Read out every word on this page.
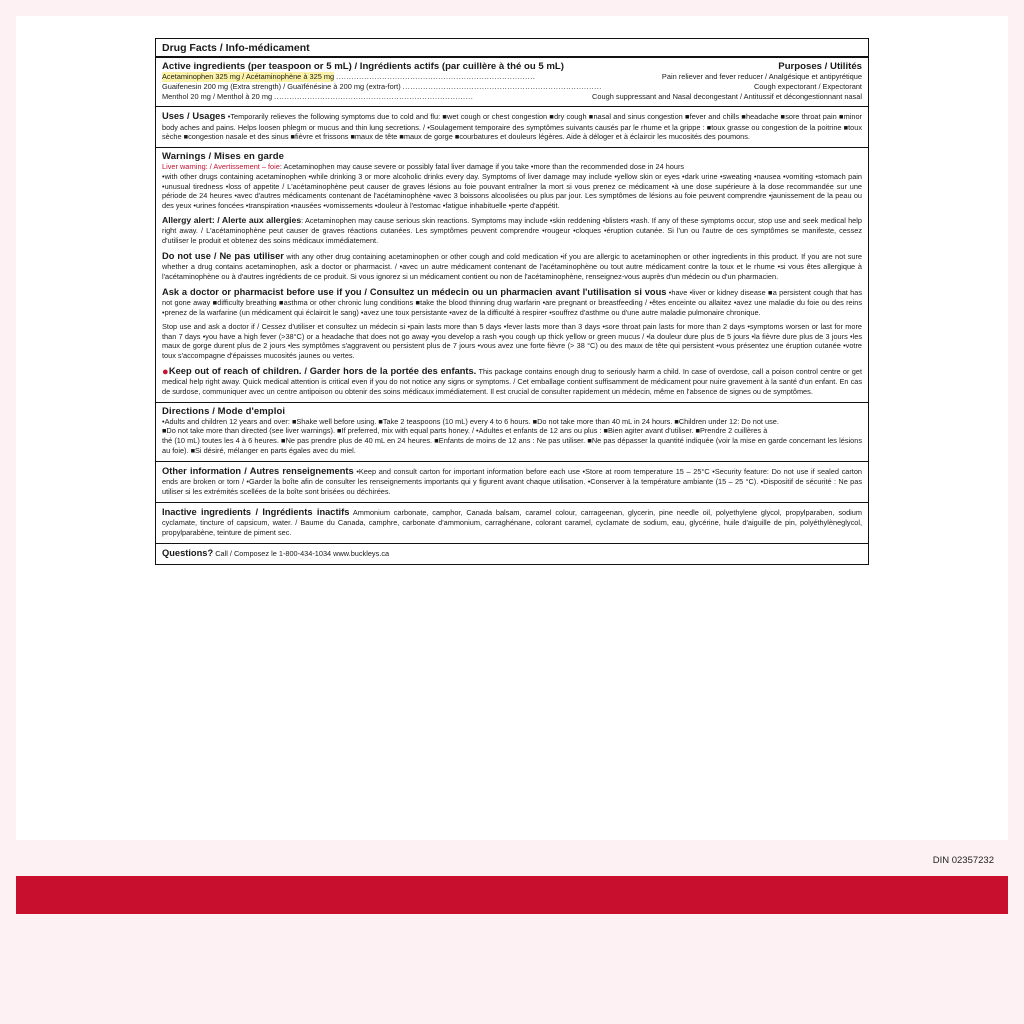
Drug Facts / Info-médicament
Active ingredients (per teaspoon or 5 mL) / Ingrédients actifs (par cuillère à thé ou 5 mL)	Purposes / Utilités
Acetaminophen 325 mg / Acétaminophène à 325 mg ..............................................................................	Pain reliever and fever reducer / Analgésique et antipyrétique
Guaifenesin 200 mg (Extra strength) / Guaïfénésine à 200 mg (extra-fort) ..............................................................................	Cough expectorant / Expectorant
Menthol 20 mg / Menthol à 20 mg ..............................................................................	Cough suppressant and Nasal decongestant / Antitussif et décongestionnant nasal
Uses / Usages •Temporarily relieves the following symptoms due to cold and flu: ■wet cough or chest congestion ■dry cough ■nasal and sinus congestion ■fever and chills ■headache ■sore throat pain ■minor body aches and pains. Helps loosen phlegm or mucus and thin lung secretions. / •Soulagement temporaire des symptômes suivants causés par le rhume et la grippe : ■toux grasse ou congestion de la poitrine ■toux sèche ■congestion nasale et des sinus ■fièvre et frissons ■maux de tête ■maux de gorge ■courbatures et douleurs légères. Aide à déloger et à éclaircir les mucosités des poumons.
Warnings / Mises en garde
Liver warning: / Avertissement – foie: Acetaminophen may cause severe or possibly fatal liver damage if you take •more than the recommended dose in 24 hours
•with other drugs containing acetaminophen •while drinking 3 or more alcoholic drinks every day. Symptoms of liver damage may include •yellow skin or eyes •dark urine •sweating •nausea •vomiting •stomach pain •unusual tiredness •loss of appetite / L'acétaminophène peut causer de graves lésions au foie pouvant entraîner la mort si vous prenez ce médicament •à une dose supérieure à la dose recommandée sur une période de 24 heures •avec d'autres médicaments contenant de l'acétaminophène •avec 3 boissons alcoolisées ou plus par jour. Les symptômes de lésions au foie peuvent comprendre •jaunissement de la peau ou des yeux •urines foncées •transpiration •nausées •vomissements •douleur à l'estomac •fatigue inhabituelle •perte d'appétit.
Allergy alert: / Alerte aux allergies: Acetaminophen may cause serious skin reactions. Symptoms may include •skin reddening •blisters •rash. If any of these symptoms occur, stop use and seek medical help right away. / L'acétaminophène peut causer de graves réactions cutanées. Les symptômes peuvent comprendre •rougeur •cloques •éruption cutanée. Si l'un ou l'autre de ces symptômes se manifeste, cessez d'utiliser le produit et obtenez des soins médicaux immédiatement.
Do not use / Ne pas utiliser with any other drug containing acetaminophen or other cough and cold medication •if you are allergic to acetaminophen or other ingredients in this product. If you are not sure whether a drug contains acetaminophen, ask a doctor or pharmacist. / •avec un autre médicament contenant de l'acétaminophène ou tout autre médicament contre la toux et le rhume •si vous êtes allergique à l'acétaminophène ou à d'autres ingrédients de ce produit. Si vous ignorez si un médicament contient ou non de l'acétaminophène, renseignez-vous auprès d'un médecin ou d'un pharmacien.
Ask a doctor or pharmacist before use if you / Consultez un médecin ou un pharmacien avant l'utilisation si vous •have •liver or kidney disease ■a persistent cough that has not gone away ■difficulty breathing ■asthma or other chronic lung conditions ■take the blood thinning drug warfarin •are pregnant or breastfeeding / •êtes enceinte ou allaitez •avez une maladie du foie ou des reins •prenez de la warfarine (un médicament qui éclaircit le sang) •avez une toux persistante •avez de la difficulté à respirer •souffrez d'asthme ou d'une autre maladie pulmonaire chronique.
Stop use and ask a doctor if / Cessez d'utiliser et consultez un médecin si •pain lasts more than 5 days •fever lasts more than 3 days •sore throat pain lasts for more than 2 days •symptoms worsen or last for more than 7 days •you have a high fever (>38°C) or a headache that does not go away •you develop a rash •you cough up thick yellow or green mucus / •la douleur dure plus de 5 jours •la fièvre dure plus de 3 jours •les maux de gorge durent plus de 2 jours •les symptômes s'aggravent ou persistent plus de 7 jours •vous avez une forte fièvre (> 38 °C) ou des maux de tête qui persistent •vous présentez une éruption cutanée •votre toux s'accompagne d'épaisses mucosités jaunes ou vertes.
●Keep out of reach of children. / Garder hors de la portée des enfants. This package contains enough drug to seriously harm a child. In case of overdose, call a poison control centre or get medical help right away. Quick medical attention is critical even if you do not notice any signs or symptoms. / Cet emballage contient suffisamment de médicament pour nuire gravement à la santé d'un enfant. En cas de surdose, communiquer avec un centre antipoison ou obtenir des soins médicaux immédiatement. Il est crucial de consulter rapidement un médecin, même en l'absence de signes ou de symptômes.
Directions / Mode d'emploi
•Adults and children 12 years and over: ■Shake well before using. ■Take 2 teaspoons (10 mL) every 4 to 6 hours. ■Do not take more than 40 mL in 24 hours. ■Children under 12: Do not use.
■Do not take more than directed (see liver warnings). ■If preferred, mix with equal parts honey. / •Adultes et enfants de 12 ans ou plus : ■Bien agiter avant d'utiliser. ■Prendre 2 cuillères à
thé (10 mL) toutes les 4 à 6 heures. ■Ne pas prendre plus de 40 mL en 24 heures. ■Enfants de moins de 12 ans : Ne pas utiliser. ■Ne pas dépasser la quantité indiquée (voir la mise en garde concernant les lésions au foie). ■Si désiré, mélanger en parts égales avec du miel.
Other information / Autres renseignements •Keep and consult carton for important information before each use •Store at room temperature 15 – 25°C •Security feature: Do not use if sealed carton ends are broken or torn / •Garder la boîte afin de consulter les renseignements importants qui y figurent avant chaque utilisation. •Conserver à la température ambiante (15 – 25 °C). •Dispositif de sécurité : Ne pas utiliser si les extrémités scellées de la boîte sont brisées ou déchirées.
Inactive ingredients / Ingrédients inactifs Ammonium carbonate, camphor, Canada balsam, caramel colour, carrageenan, glycerin, pine needle oil, polyethylene glycol, propylparaben, sodium cyclamate, tincture of capsicum, water. / Baume du Canada, camphre, carbonate d'ammonium, carraghénane, colorant caramel, cyclamate de sodium, eau, glycérine, huile d'aiguille de pin, polyéthylèneglycol, propylparabène, teinture de piment sec.
Questions? Call / Composez le 1-800-434-1034 www.buckleys.ca
DIN 02357232
